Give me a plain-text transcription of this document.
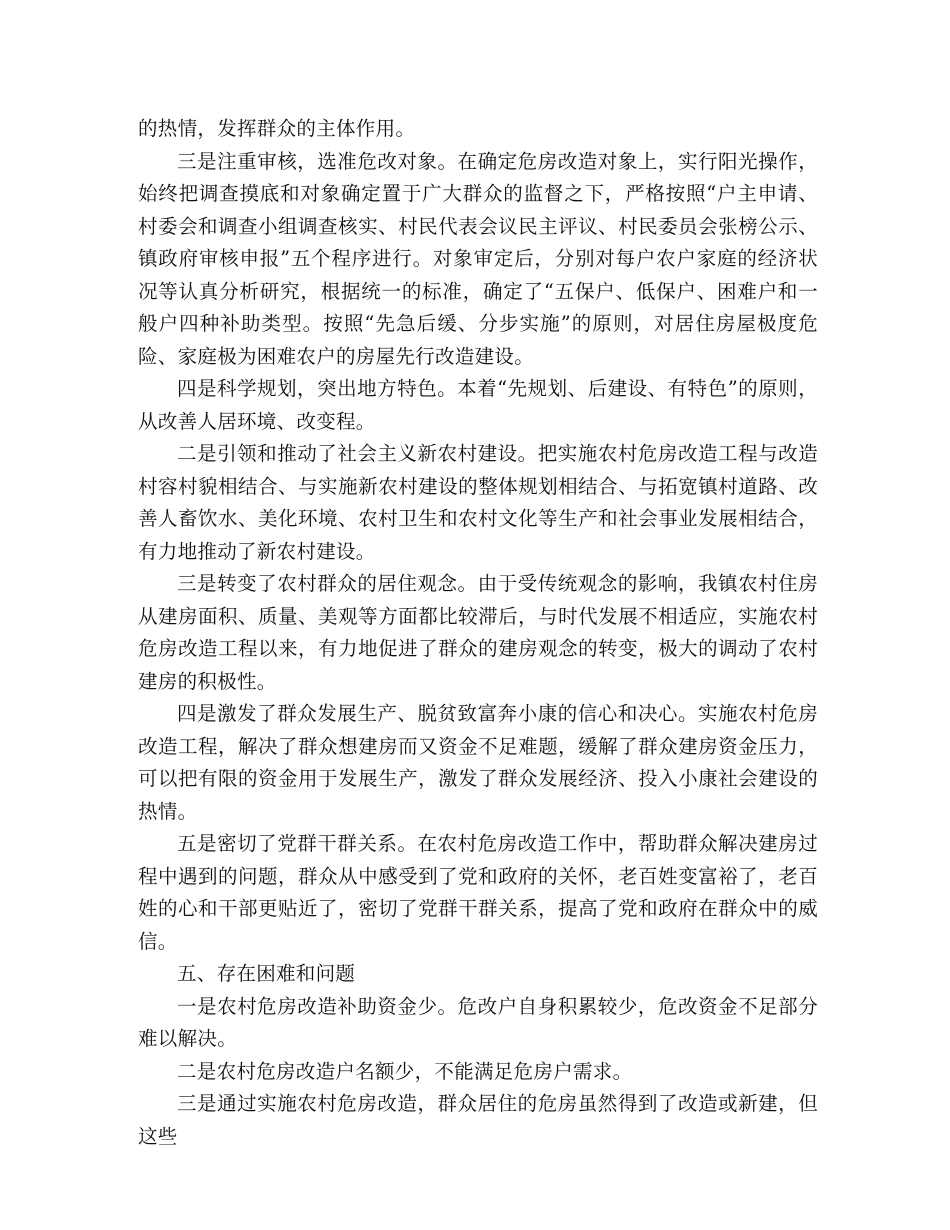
的热情，发挥群众的主体作用。

三是注重审核，选准危改对象。在确定危房改造对象上，实行阳光操作，始终把调查摸底和对象确定置于广大群众的监督之下，严格按照“户主申请、村委会和调查小组调查核实、村民代表会议民主评议、村民委员会张榜公示、镇政府审核申报”五个程序进行。对象审定后，分别对每户农户家庭的经济状况等认真分析研究，根据统一的标准，确定了“五保户、低保户、困难户和一般户四种补助类型。按照“先急后缓、分步实施”的原则，对居住房屋极度危险、家庭极为困难农户的房屋先行改造建设。

四是科学规划，突出地方特色。本着“先规划、后建设、有特色”的原则，从改善人居环境、改变程。

二是引领和推动了社会主义新农村建设。把实施农村危房改造工程与改造村容村貌相结合、与实施新农村建设的整体规划相结合、与拓宽镇村道路、改善人畜饮水、美化环境、农村卫生和农村文化等生产和社会事业发展相结合，有力地推动了新农村建设。

三是转变了农村群众的居住观念。由于受传统观念的影响，我镇农村住房从建房面积、质量、美观等方面都比较滞后，与时代发展不相适应，实施农村危房改造工程以来，有力地促进了群众的建房观念的转变，极大的调动了农村建房的积极性。

四是激发了群众发展生产、脱贫致富奔小康的信心和决心。实施农村危房改造工程，解决了群众想建房而又资金不足难题，缓解了群众建房资金压力，可以把有限的资金用于发展生产，激发了群众发展经济、投入小康社会建设的热情。

五是密切了党群干群关系。在农村危房改造工作中，帮助群众解决建房过程中遇到的问题，群众从中感受到了党和政府的关怀，老百姓变富裕了，老百姓的心和干部更贴近了，密切了党群干群关系，提高了党和政府在群众中的威信。

五、存在困难和问题

一是农村危房改造补助资金少。危改户自身积累较少，危改资金不足部分难以解决。

二是农村危房改造户名额少，不能满足危房户需求。

三是通过实施农村危房改造，群众居住的危房虽然得到了改造或新建，但这些
